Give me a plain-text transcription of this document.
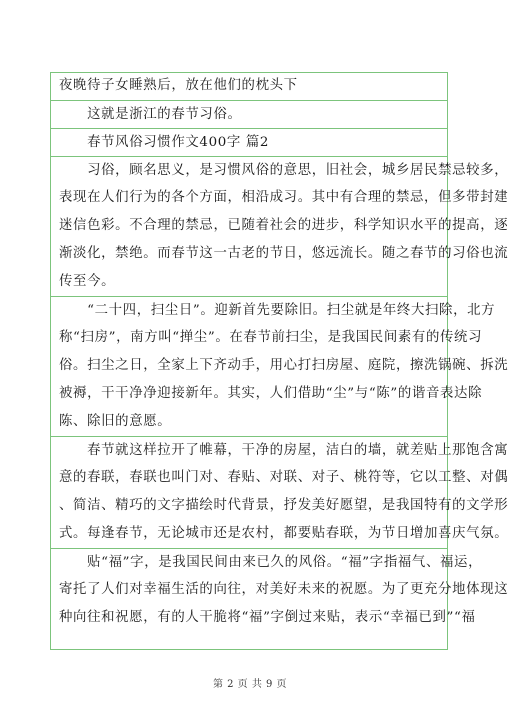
夜晚待子女睡熟后，放在他们的枕头下
　　这就是浙江的春节习俗。
　　春节风俗习惯作文400字 篇2
　　习俗，顾名思义，是习惯风俗的意思，旧社会，城乡居民禁忌较多，
表现在人们行为的各个方面，相沿成习。其中有合理的禁忌，但多带封建
迷信色彩。不合理的禁忌，已随着社会的进步，科学知识水平的提高，逐
渐淡化，禁绝。而春节这一古老的节日，悠远流长。随之春节的习俗也流
传至今。
　　“二十四，扫尘日”。迎新首先要除旧。扫尘就是年终大扫除，北方
称“扫房”，南方叫“掸尘”。在春节前扫尘，是我国民间素有的传统习
俗。扫尘之日，全家上下齐动手，用心打扫房屋、庭院，擦洗锅碗、拆洗
被褥，干干净净迎接新年。其实，人们借助“尘”与“陈”的谐音表达除
陈、除旧的意愿。
　　春节就这样拉开了帷幕，干净的房屋，洁白的墙，就差贴上那饱含寓
意的春联，春联也叫门对、春贴、对联、对子、桃符等，它以工整、对偶
、简洁、精巧的文字描绘时代背景，抒发美好愿望，是我国特有的文学形
式。每逢春节，无论城市还是农村，都要贴春联，为节日增加喜庆气氛。
　　贴“福”字，是我国民间由来已久的风俗。“福”字指福气、福运，
寄托了人们对幸福生活的向往，对美好未来的祝愿。为了更充分地体现这
种向往和祝愿，有的人干脆将“福”字倒过来贴，表示“幸福已到”“福
第 2 页 共 9 页
